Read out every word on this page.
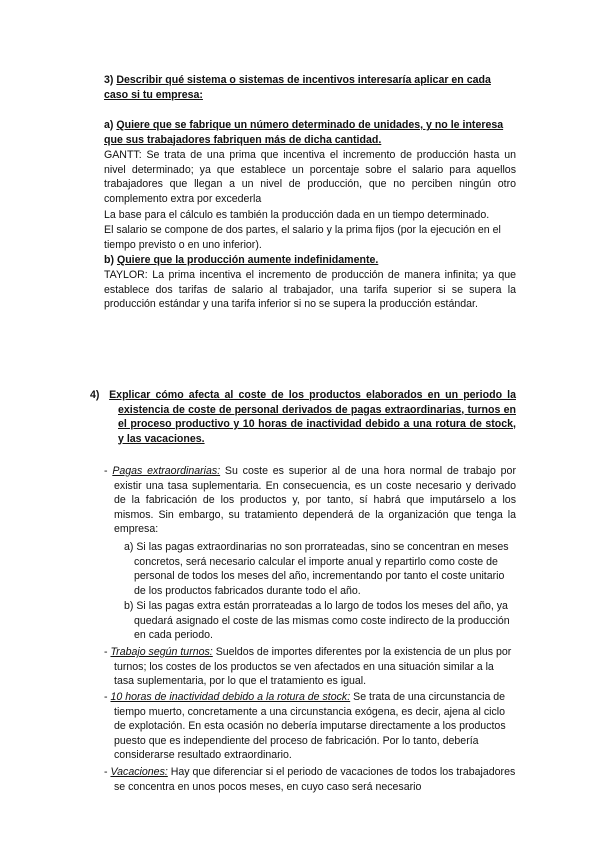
3) Describir qué sistema o sistemas de incentivos interesaría aplicar en cada caso si tu empresa:

a) Quiere que se fabrique un número determinado de unidades, y no le interesa que sus trabajadores fabriquen más de dicha cantidad.

GANTT: Se trata de una prima que incentiva el incremento de producción hasta un nivel determinado; ya que establece un porcentaje sobre el salario para aquellos trabajadores que llegan a un nivel de producción, que no perciben ningún otro complemento extra por excederla

La base para el cálculo es también la producción dada en un tiempo determinado.

El salario se compone de dos partes, el salario y la prima fijos (por la ejecución en el tiempo previsto o en uno inferior).

b) Quiere que la producción aumente indefinidamente.

TAYLOR: La prima incentiva el incremento de producción de manera infinita; ya que establece dos tarifas de salario al trabajador, una tarifa superior si se supera la producción estándar y una tarifa inferior si no se supera la producción estándar.

4) Explicar cómo afecta al coste de los productos elaborados en un periodo la existencia de coste de personal derivados de pagas extraordinarias, turnos en el proceso productivo y 10 horas de inactividad debido a una rotura de stock, y las vacaciones.

- Pagas extraordinarias: Su coste es superior al de una hora normal de trabajo por existir una tasa suplementaria. En consecuencia, es un coste necesario y derivado de la fabricación de los productos y, por tanto, sí habrá que imputárselo a los mismos. Sin embargo, su tratamiento dependerá de la organización que tenga la empresa:

a) Si las pagas extraordinarias no son prorrateadas, sino se concentran en meses concretos, será necesario calcular el importe anual y repartirlo como coste de personal de todos los meses del año, incrementando por tanto el coste unitario de los productos fabricados durante todo el año.

b) Si las pagas extra están prorrateadas a lo largo de todos los meses del año, ya quedará asignado el coste de las mismas como coste indirecto de la producción en cada periodo.

- Trabajo según turnos: Sueldos de importes diferentes por la existencia de un plus por turnos; los costes de los productos se ven afectados en una situación similar a la tasa suplementaria, por lo que el tratamiento es igual.

- 10 horas de inactividad debido a la rotura de stock: Se trata de una circunstancia de tiempo muerto, concretamente a una circunstancia exógena, es decir, ajena al ciclo de explotación. En esta ocasión no debería imputarse directamente a los productos puesto que es independiente del proceso de fabricación. Por lo tanto, debería considerarse resultado extraordinario.

- Vacaciones: Hay que diferenciar si el periodo de vacaciones de todos los trabajadores se concentra en unos pocos meses, en cuyo caso será necesario
